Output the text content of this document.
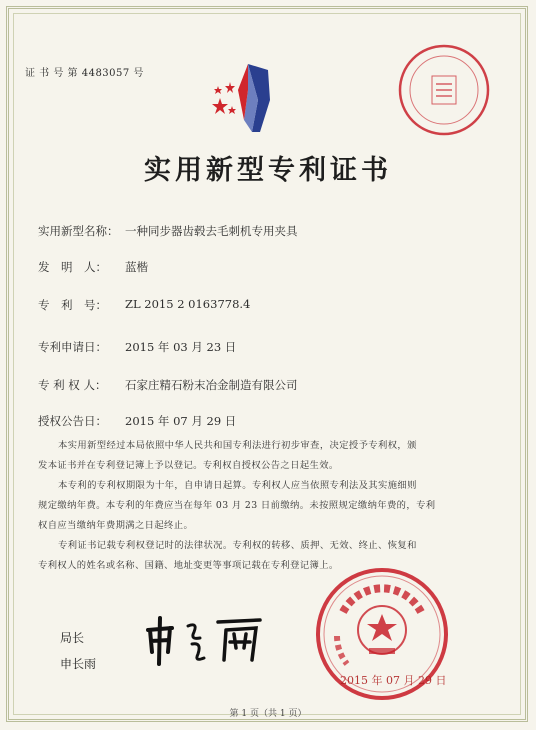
证 书 号 第 4483057 号
实用新型专利证书
实用新型名称： 一种同步器齿毂去毛刺机专用夹具
发　明　人： 蓝楷
专　利　号： ZL 2015 2 0163778.4
专利申请日： 2015 年 03 月 23 日
专 利 权 人： 石家庄精石粉末冶金制造有限公司
授权公告日： 2015 年 07 月 29 日
本实用新型经过本局依照中华人民共和国专利法进行初步审查，决定授予专利权，颁
发本证书并在专利登记簿上予以登记。专利权自授权公告之日起生效。
本专利的专利权期限为十年，自申请日起算。专利权人应当依照专利法及其实施细则
规定缴纳年费。本专利的年费应当在每年 03 月 23 日前缴纳。未按照规定缴纳年费的，专利
权自应当缴纳年费期满之日起终止。
专利证书记载专利权登记时的法律状况。专利权的转移、质押、无效、终止、恢复和
专利权人的姓名或名称、国籍、地址变更等事项记载在专利登记簿上。
局长
申长雨
2015 年 07 月 29 日
第 1 页（共 1 页）
